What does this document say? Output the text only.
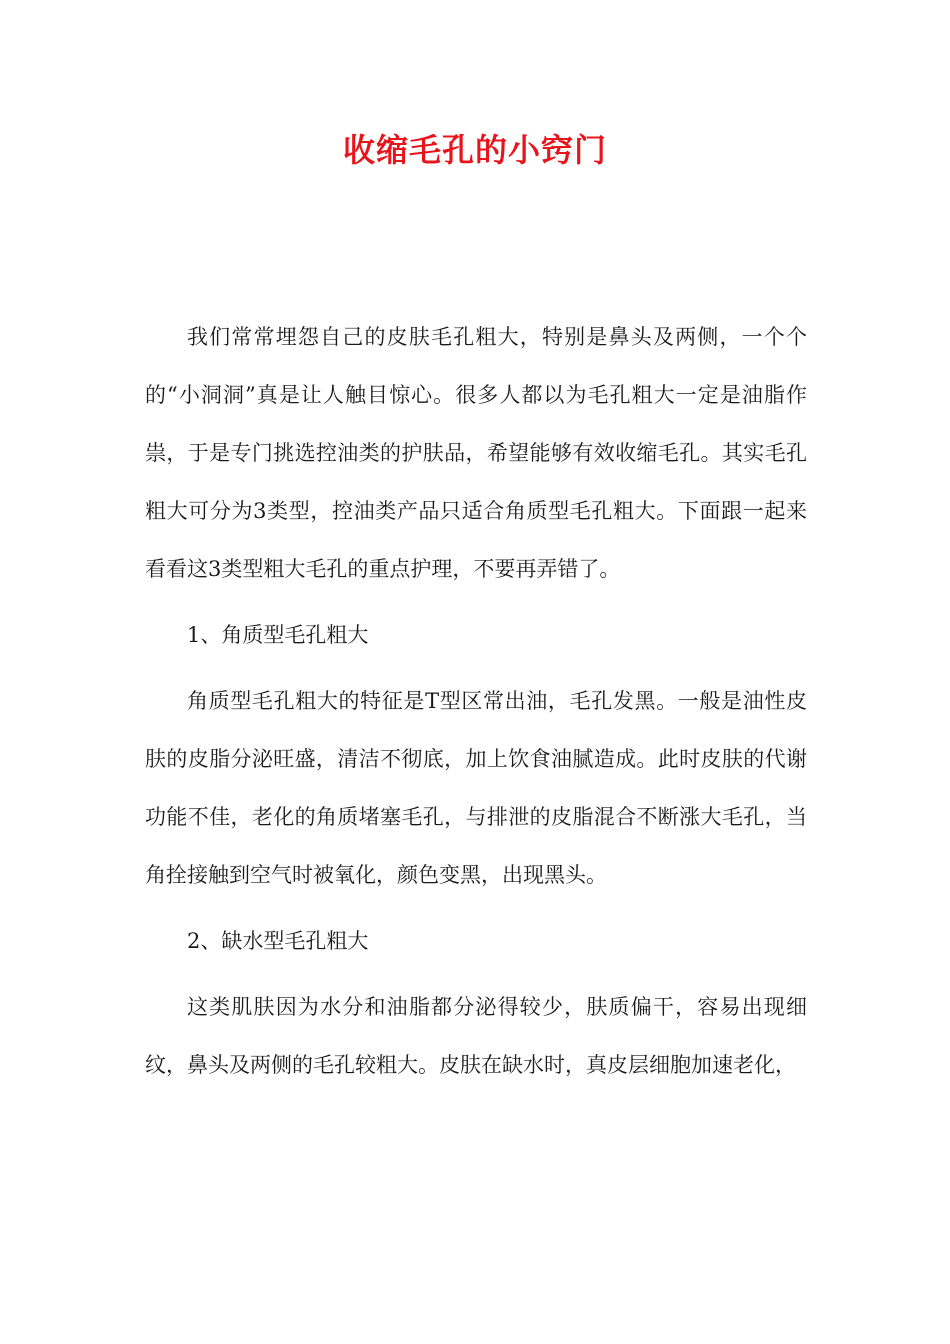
收缩毛孔的小窍门

我们常常埋怨自己的皮肤毛孔粗大，特别是鼻头及两侧，一个个的“小洞洞”真是让人触目惊心。很多人都以为毛孔粗大一定是油脂作祟，于是专门挑选控油类的护肤品，希望能够有效收缩毛孔。其实毛孔粗大可分为3类型，控油类产品只适合角质型毛孔粗大。下面跟一起来看看这3类型粗大毛孔的重点护理，不要再弄错了。

1、角质型毛孔粗大

角质型毛孔粗大的特征是T型区常出油，毛孔发黑。一般是油性皮肤的皮脂分泌旺盛，清洁不彻底，加上饮食油腻造成。此时皮肤的代谢功能不佳，老化的角质堵塞毛孔，与排泄的皮脂混合不断涨大毛孔，当角拴接触到空气时被氧化，颜色变黑，出现黑头。

2、缺水型毛孔粗大

这类肌肤因为水分和油脂都分泌得较少，肤质偏干，容易出现细纹，鼻头及两侧的毛孔较粗大。皮肤在缺水时，真皮层细胞加速老化，
